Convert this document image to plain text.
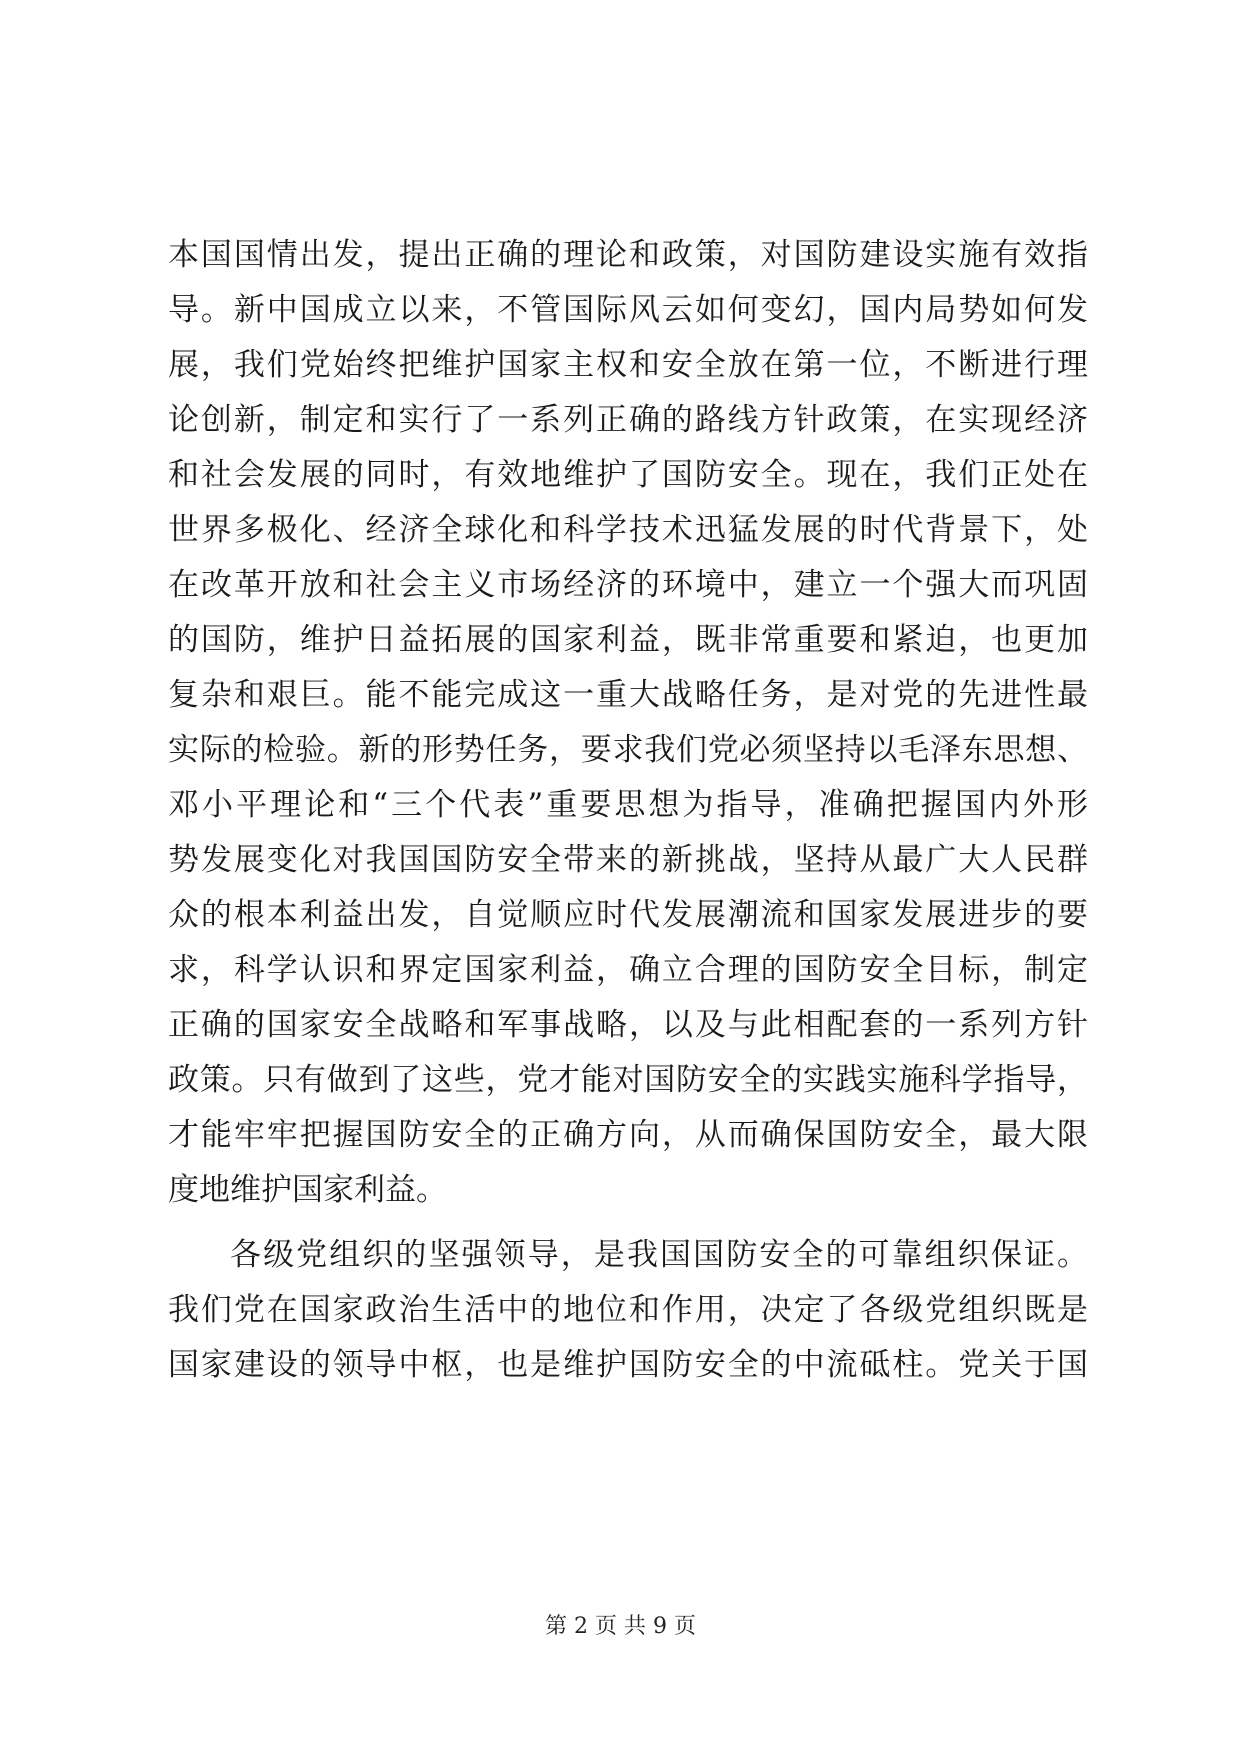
本国国情出发，提出正确的理论和政策，对国防建设实施有效指
导。新中国成立以来，不管国际风云如何变幻，国内局势如何发
展，我们党始终把维护国家主权和安全放在第一位，不断进行理
论创新，制定和实行了一系列正确的路线方针政策，在实现经济
和社会发展的同时，有效地维护了国防安全。现在，我们正处在
世界多极化、经济全球化和科学技术迅猛发展的时代背景下，处
在改革开放和社会主义市场经济的环境中，建立一个强大而巩固
的国防，维护日益拓展的国家利益，既非常重要和紧迫，也更加
复杂和艰巨。能不能完成这一重大战略任务，是对党的先进性最
实际的检验。新的形势任务，要求我们党必须坚持以毛泽东思想、
邓小平理论和“三个代表”重要思想为指导，准确把握国内外形
势发展变化对我国国防安全带来的新挑战，坚持从最广大人民群
众的根本利益出发，自觉顺应时代发展潮流和国家发展进步的要
求，科学认识和界定国家利益，确立合理的国防安全目标，制定
正确的国家安全战略和军事战略，以及与此相配套的一系列方针
政策。只有做到了这些，党才能对国防安全的实践实施科学指导，
才能牢牢把握国防安全的正确方向，从而确保国防安全，最大限
度地维护国家利益。
各级党组织的坚强领导，是我国国防安全的可靠组织保证。
我们党在国家政治生活中的地位和作用，决定了各级党组织既是
国家建设的领导中枢，也是维护国防安全的中流砥柱。党关于国
第 2 页 共 9 页
